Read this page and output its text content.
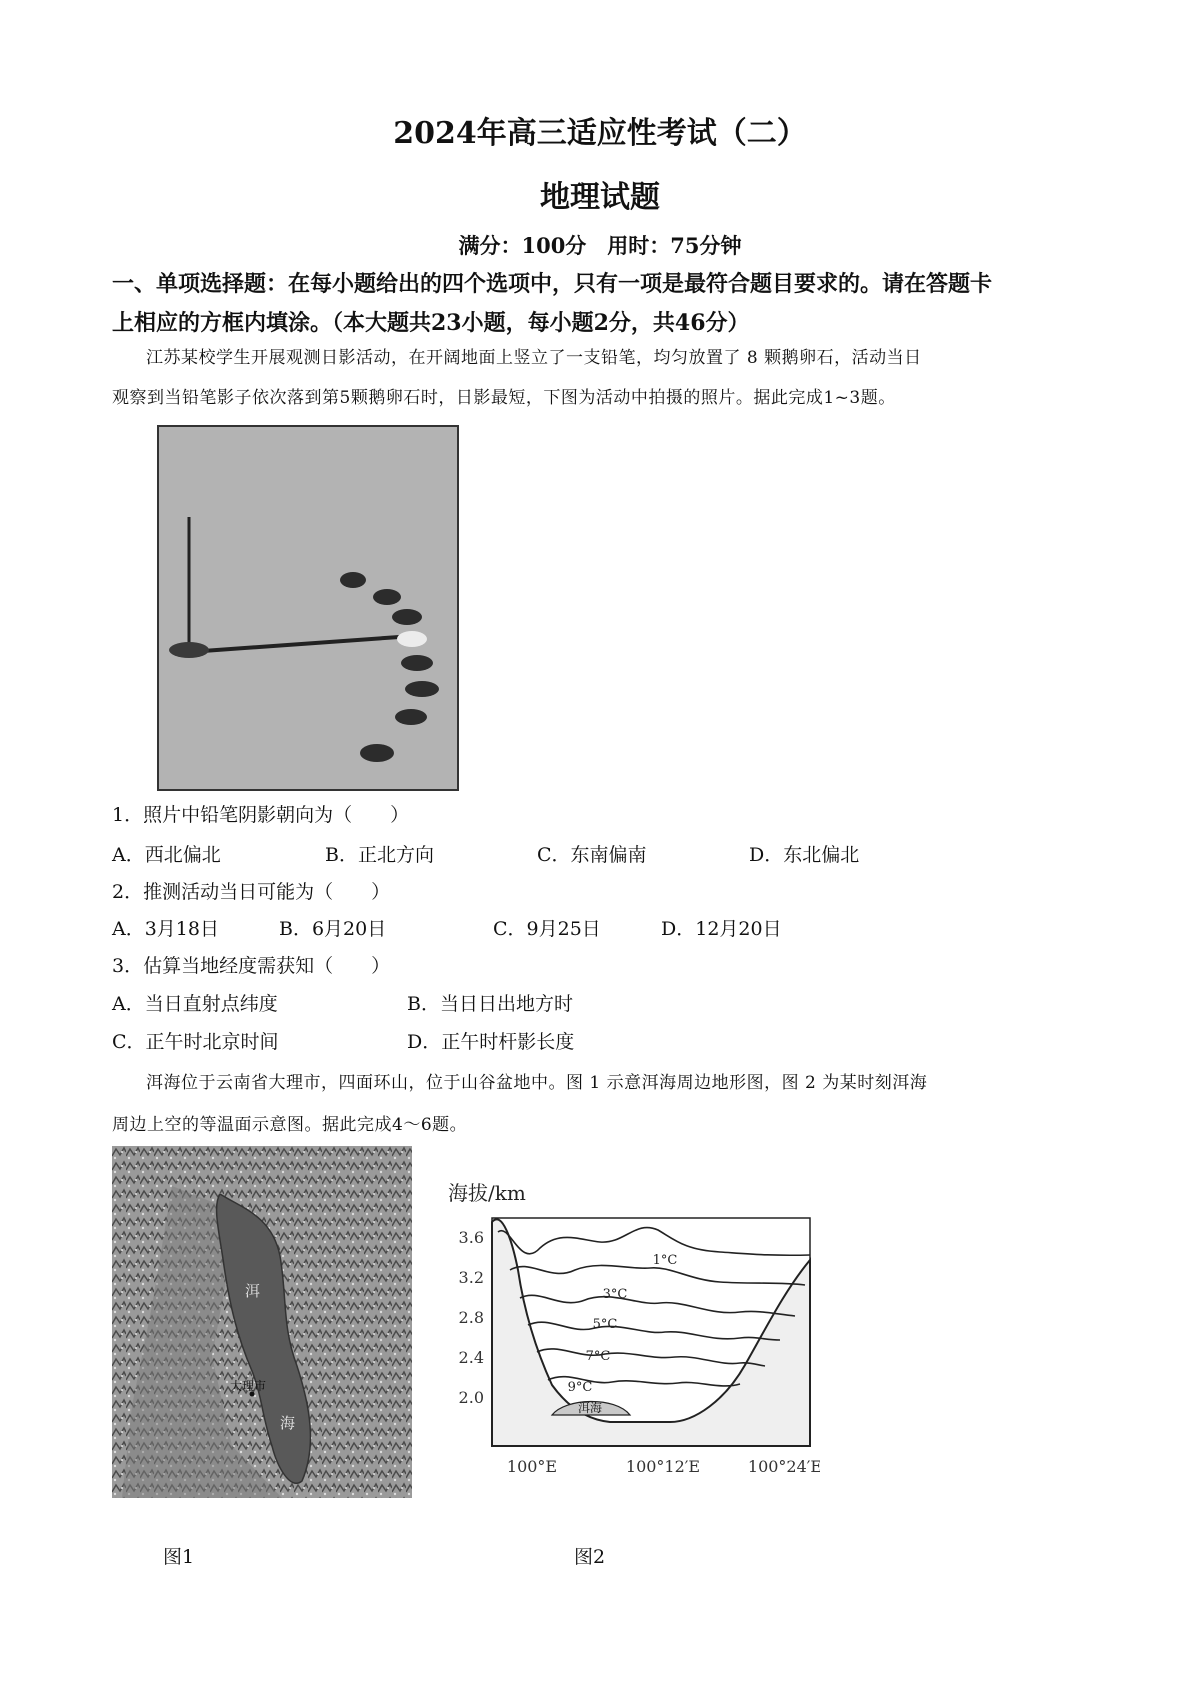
2024年高三适应性考试（二）
地理试题
满分：100分　用时：75分钟
一、单项选择题：在每小题给出的四个选项中，只有一项是最符合题目要求的。请在答题卡
上相应的方框内填涂。（本大题共23小题，每小题2分，共46分）
江苏某校学生开展观测日影活动，在开阔地面上竖立了一支铅笔，均匀放置了 8 颗鹅卵石，活动当日
观察到当铅笔影子依次落到第5颗鹅卵石时，日影最短，下图为活动中拍摄的照片。据此完成1~3题。
1．照片中铅笔阴影朝向为（　　）
A．西北偏北	B．正北方向	C．东南偏南	D．东北偏北
2．推测活动当日可能为（　　）
A．3月18日	B．6月20日	C．9月25日	D．12月20日
3．估算当地经度需获知（　　）
A．当日直射点纬度	B．当日日出地方时
C．正午时北京时间	D．正午时杆影长度
洱海位于云南省大理市，四面环山，位于山谷盆地中。图 1 示意洱海周边地形图，图 2 为某时刻洱海
周边上空的等温面示意图。据此完成4～6题。
洱
海
大理市
图1
海拔/km
3.6
3.2
2.8
2.4
2.0
1°C
3°C
5°C
7°C
9°C
洱海
100°E	100°12′E	100°24′E
图2
